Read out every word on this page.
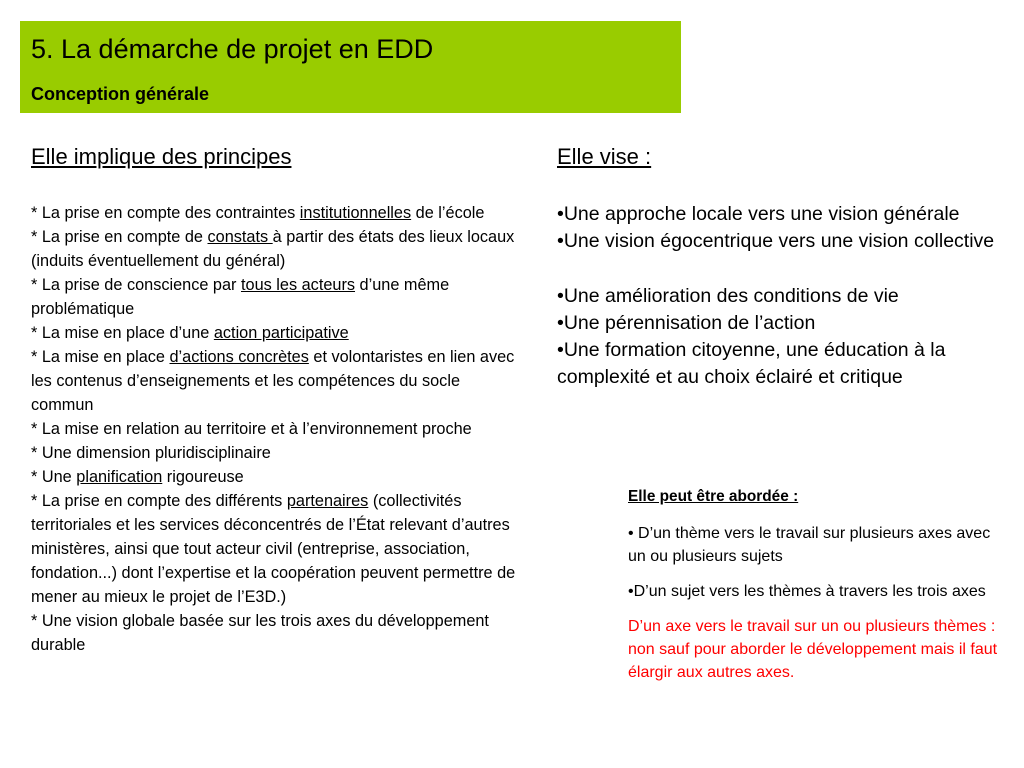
5. La démarche de projet en EDD
Conception générale
Elle implique des principes

* La prise en compte des contraintes institutionnelles de l’école

* La prise en compte de constats à partir des états des lieux locaux (induits éventuellement du général)

* La prise de conscience par tous les acteurs d’une même problématique

* La mise en place d’une action participative

* La mise en place d’actions concrètes et volontaristes en lien avec les contenus d’enseignements et les compétences du socle commun

* La mise en relation au territoire et à l’environnement proche

* Une dimension pluridisciplinaire

* Une planification rigoureuse

* La prise en compte des différents partenaires (collectivités territoriales et les services déconcentrés de l’État relevant d’autres ministères, ainsi que tout acteur civil (entreprise, association, fondation...) dont l’expertise et la coopération peuvent permettre de mener au mieux le projet de l’E3D.)

* Une vision globale basée sur les trois axes du développement durable

Elle vise :

•Une approche locale vers une vision générale

•Une vision égocentrique vers une vision collective

•Une amélioration des conditions de vie

•Une pérennisation de l’action

•Une formation citoyenne, une éducation à la complexité et au choix éclairé et critique

Elle peut être abordée :

• D’un thème vers le travail sur plusieurs axes avec un ou plusieurs sujets

•D’un sujet vers les thèmes à travers les trois axes

D’un axe vers le travail sur un ou plusieurs thèmes : non sauf pour aborder le développement mais il faut élargir aux autres axes.
